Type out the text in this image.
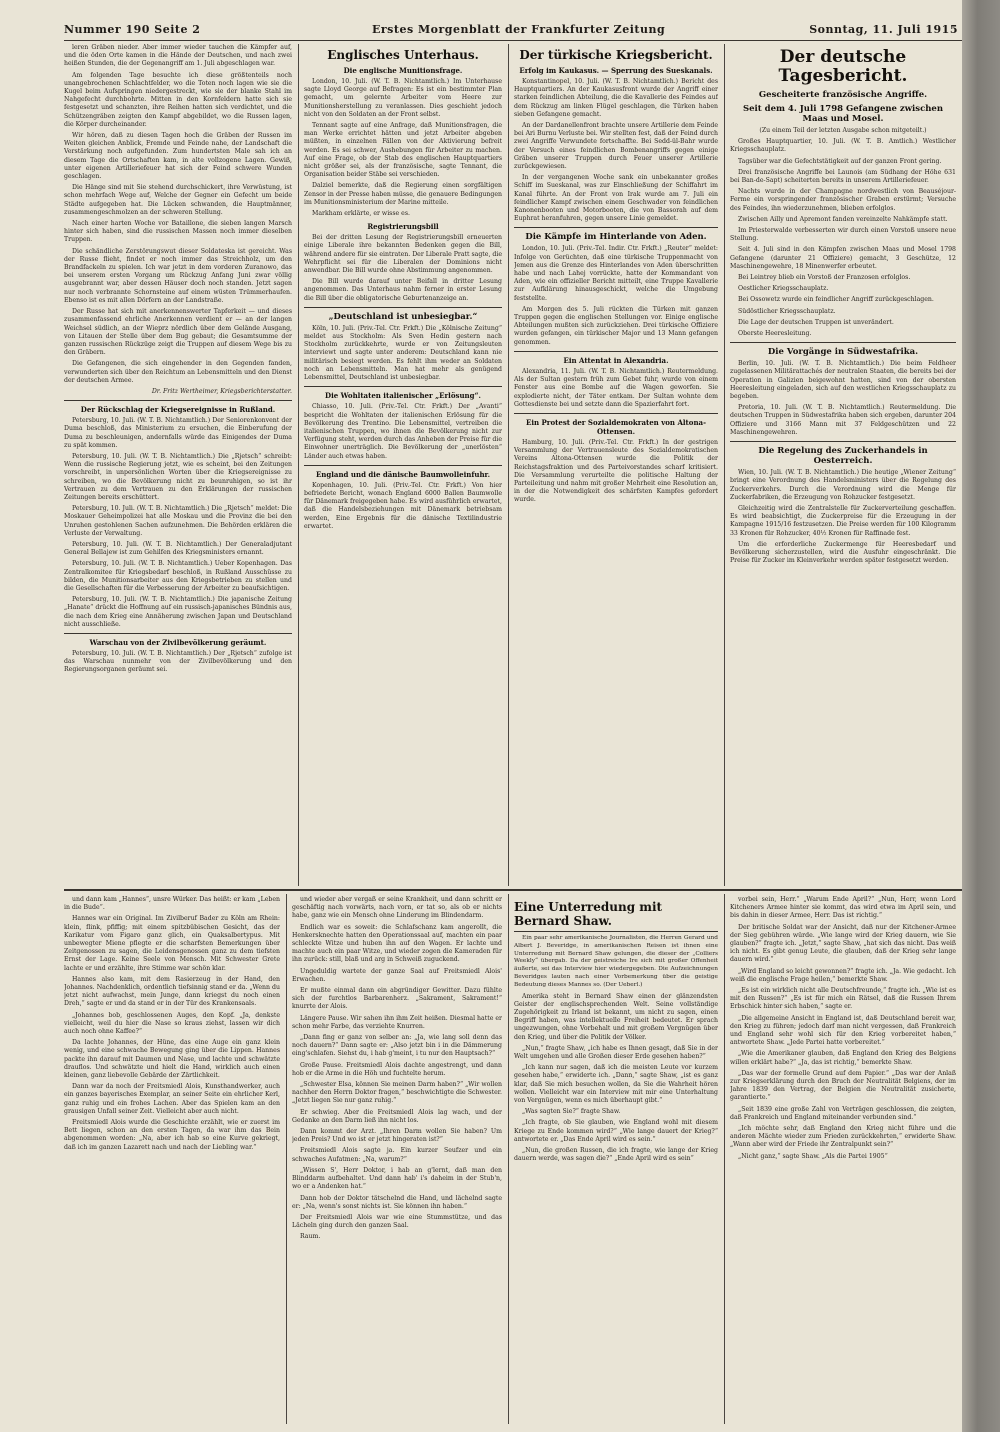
Nummer 190 Seite 2	Erstes Morgenblatt der Frankfurter Zeitung	Sonntag, 11. Juli 1915

leren Gräben nieder. Aber immer wieder tauchen die Kämpfer auf, und die öden Orte kamen in die Hände der Deutschen, und nach zwei heißen Stunden, die der Gegenangriff am 1. Juli abgeschlagen war.

Am folgenden Tage besuchte ich diese größtenteils noch unangebrochenen Schlachtfelder, wo die Toten noch lagen wie sie die Kugel beim Aufspringen niedergestreckt, wie sie der blanke Stahl im Nahgefecht durchbohrte. Mitten in den Kornfeldern hatte sich sie festgesetzt und schanzten, ihre Reihen hatten sich verdichtet, und die Schützengräben zeigten den Kampf abgebildet, wo die Russen lagen, die Körper durcheinander.

Wir hören, daß zu diesen Tagen hoch die Gräben der Russen im Weiten gleichen Anblick, Fremde und Feinde nahe, der Landschaft die Verstärkung noch aufgefunden. Zum hundertsten Male sah ich an diesem Tage die Ortschaften kam, in alte vollzogene Lagen. Gewiß, unter eigenen Artilleriefeuer hat sich der Feind schwere Wunden geschlagen.

Die Hänge sind mit Sie stehend durchschickert, ihre Verwüstung, ist schon mehrfach Wege auf, Welche der Gegner ein Gefecht um beide Städte aufgegeben hat. Die Lücken schwanden, die Hauptmänner, zusammengeschmolzen an der schweren Stellung.

Nach einer harten Woche vor Bataillone, die sieben langen Marsch hinter sich haben, sind die russischen Massen noch immer dieselben Truppen.

Die schändliche Zerstörungswut dieser Soldateska ist gereicht. Was der Russe flieht, findet er noch immer das Streichholz, um den Brandfackeln zu spielen. Ich war jetzt in dem vorderen Zuranowo, das bei unserem ersten Vorgang um Rückzug Anfang Juni zwar völlig ausgebrannt war, aber dessen Häuser doch noch standen. Jetzt sagen nur noch verbrannte Schornsteine auf einem wüsten Trümmerhaufen. Ebenso ist es mit allen Dörfern an der Landstraße.

Der Russe hat sich mit anerkennenswerter Tapferkeit — und dieses zusammenfassend ehrliche Anerkennen verdient er — an der langen Weichsel südlich, an der Wieprz nördlich über dem Gelände Ausgang, von Litauen der Stelle über dem Bug gebaut; die Gesamtsumme der ganzen russischen Rückzüge zeigt die Truppen auf diesem Wege bis zu den Gräbern.

Die Gefangenen, die sich eingehender in den Gegenden fanden, verwunderten sich über den Reichtum an Lebensmitteln und den Dienst der deutschen Armee.

Dr. Fritz Wertheimer, Kriegsberichterstatter.
Der Rückschlag der Kriegsereignisse in Rußland.

Petersburg, 10. Juli. (W. T. B. Nichtamtlich.) Der Seniorenkonvent der Duma beschloß, das Ministerium zu ersuchen, die Einberufung der Duma zu beschleunigen, andernfalls würde das Einigendes der Duma zu spät kommen.

Petersburg, 10. Juli. (W. T. B. Nichtamtlich.) Die „Rjetsch“ schreibt: Wenn die russische Regierung jetzt, wie es scheint, bei den Zeitungen vorschreibt, in unpersönlichen Worten über die Kriegsereignisse zu schreiben, wo die Bevölkerung nicht zu beunruhigen, so ist ihr Vertrauen zu dem Vertrauen zu den Erklärungen der russischen Zeitungen bereits erschüttert.

Petersburg, 10. Juli. (W. T. B. Nichtamtlich.) Die „Rjetsch“ meldet: Die Moskauer Geheimpolizei hat alle Moskau und die Provinz die bei den Unruhen gestohlenen Sachen aufzunehmen. Die Behörden erklären die Verluste der Verwaltung.

Petersburg, 10. Juli. (W. T. B. Nichtamtlich.) Der Generaladjutant General Bellajew ist zum Gehilfen des Kriegsministers ernannt.

Petersburg, 10. Juli. (W. T. B. Nichtamtlich.) Ueber Kopenhagen. Das Zentralkomitee für Kriegsbedarf beschloß, in Rußland Ausschüsse zu bilden, die Munitionsarbeiter aus den Kriegsbetrieben zu stellen und die Gesellschaften für die Verbesserung der Arbeiter zu beaufsichtigen.

Petersburg, 10. Juli. (W. T. B. Nichtamtlich.) Die japanische Zeitung „Hanate“ drückt die Hoffnung auf ein russisch-japanisches Bündnis aus, die nach dem Krieg eine Annäherung zwischen Japan und Deutschland nicht ausschließe.

Warschau von der Zivilbevölkerung geräumt.

Petersburg, 10. Juli. (W. T. B. Nichtamtlich.) Der „Rjetsch“ zufolge ist das Warschau nunmehr von der Zivilbevölkerung und den Regierungsorganen geräumt sei.

Englisches Unterhaus.
Die englische Munitionsfrage.

London, 10. Juli. (W. T. B. Nichtamtlich.) Im Unterhause sagte Lloyd George auf Befragen: Es ist ein bestimmter Plan gemacht, um gelernte Arbeiter vom Heere zur Munitionsherstellung zu veranlassen. Dies geschieht jedoch nicht von den Soldaten an der Front selbst.

Tennant sagte auf eine Anfrage, daß Munitionsfragen, die man Werke errichtet hätten und jetzt Arbeiter abgeben müßten, in einzelnen Fällen von der Aktivierung befreit werden. Es sei schwer, Aushebungen für Arbeiter zu machen. Auf eine Frage, ob der Stab des englischen Hauptquartiers nicht größer sei, als der französische, sagte Tennant, die Organisation beider Stäbe sei verschieden.

Dalziel bemerkte, daß die Regierung einen sorgfältigen Zensor in der Presse haben müsse, die genauere Bedingungen im Munitionsministerium der Marine mitteile.

Markham erklärte, er wisse es.

Registrierungsbill

Bei der dritten Lesung der Registrierungsbill erneuerten einige Liberale ihre bekannten Bedenken gegen die Bill, während andere für sie eintraten. Der Liberale Pratt sagte, die Wehrpflicht sei für die Liberalen der Dominions nicht anwendbar. Die Bill wurde ohne Abstimmung angenommen.

Die Bill wurde darauf unter Beifall in dritter Lesung angenommen. Das Unterhaus nahm ferner in erster Lesung die Bill über die obligatorische Geburtenanzeige an.

„Deutschland ist unbesiegbar.“

Köln, 10. Juli. (Priv.-Tel. Ctr. Frkft.) Die „Kölnische Zeitung“ meldet aus Stockholm: Als Sven Hedin gestern nach Stockholm zurückkehrte, wurde er von Zeitungsleuten interviewt und sagte unter anderem: Deutschland kann nie militärisch besiegt werden. Es fehlt ihm weder an Soldaten noch an Lebensmitteln. Man hat mehr als genügend Lebensmittel, Deutschland ist unbesiegbar.

Die Wohltaten italienischer „Erlösung“.

Chiasso, 10. Juli. (Priv.-Tel. Ctr. Frkft.) Der „Avanti“ bespricht die Wohltaten der italienischen Erlösung für die Bevölkerung des Trentino. Die Lebensmittel, vertreiben die italienischen Truppen, wo ihnen die Bevölkerung nicht zur Verfügung steht, werden durch das Anheben der Preise für die Einwohner unerträglich. Die Bevölkerung der „unerlösten“ Länder auch etwas haben.

England und die dänische Baumwolleinfuhr.

Kopenhagen, 10. Juli. (Priv.-Tel. Ctr. Frkft.) Von hier befriedete Bericht, wonach England 6000 Ballen Baumwolle für Dänemark freigegeben habe. Es wird ausführlich erwartet, daß die Handelsbeziehungen mit Dänemark betriebsam werden, Eine Ergebnis für die dänische Textilindustrie erwartet.

Der türkische Kriegsbericht.
Erfolg im Kaukasus. — Sperrung des Sueskanals.

Konstantinopel, 10. Juli. (W. T. B. Nichtamtlich.) Bericht des Hauptquartiers. An der Kaukasusfront wurde der Angriff einer starken feindlichen Abteilung, die die Kavallerie des Feindes auf dem Rückzug am linken Flügel geschlagen, die Türken haben sieben Gefangene gemacht.

An der Dardanellenfront brachte unsere Artillerie dem Feinde bei Ari Burnu Verluste bei. Wir stellten fest, daß der Feind durch zwei Angriffe Verwundete fortschaffte. Bei Sedd-ül-Bahr wurde der Versuch eines feindlichen Bombenangriffs gegen einige Gräben unserer Truppen durch Feuer unserer Artillerie zurückgewiesen.

In der vergangenen Woche sank ein unbekannter großes Schiff im Sueskanal, was zur Einschließung der Schiffahrt im Kanal führte. An der Front von Irak wurde am 7. Juli ein feindlicher Kampf zwischen einem Geschwader von feindlichen Kanonenbooten und Motorbooten, die von Bassorah auf dem Euphrat heranfuhren, gegen unsere Linie gemeldet.

Die Kämpfe im Hinterlande von Aden.

London, 10. Juli. (Priv.-Tel. Indir. Ctr. Frkft.) „Reuter“ meldet: Infolge von Gerüchten, daß eine türkische Truppenmacht von Jemen aus die Grenze des Hinterlandes von Aden überschritten habe und nach Lahej vorrückte, hatte der Kommandant von Aden, wie ein offizieller Bericht mitteilt, eine Truppe Kavallerie zur Aufklärung hinausgeschickt, welche die Umgebung feststellte.

Am Morgen des 5. Juli rückten die Türken mit ganzen Truppen gegen die englischen Stellungen vor. Einige englische Abteilungen mußten sich zurückziehen. Drei türkische Offiziere wurden gefangen, ein türkischer Major und 13 Mann gefangen genommen.

Ein Attentat in Alexandria.

Alexandria, 11. Juli. (W. T. B. Nichtamtlich.) Reutermeldung. Als der Sultan gestern früh zum Gebet fuhr, wurde von einem Fenster aus eine Bombe auf die Wagen geworfen. Sie explodierte nicht, der Täter entkam. Der Sultan wohnte dem Gottesdienste bei und setzte dann die Spazierfahrt fort.

Ein Protest der Sozialdemokraten von Altona-Ottensen.

Hamburg, 10. Juli. (Priv.-Tel. Ctr. Frkft.) In der gestrigen Versammlung der Vertrauensleute des Sozialdemokratischen Vereins Altona-Ottensen wurde die Politik der Reichstagsfraktion und des Parteivorstandes scharf kritisiert. Die Versammlung verurteilte die politische Haltung der Parteileitung und nahm mit großer Mehrheit eine Resolution an, in der die Notwendigkeit des schärfsten Kampfes gefordert wurde.

Der deutsche Tagesbericht.
Gescheiterte französische Angriffe.
Seit dem 4. Juli 1798 Gefangene zwischen Maas und Mosel.
(Zu einem Teil der letzten Ausgabe schon mitgeteilt.)

Großes Hauptquartier, 10. Juli. (W. T. B. Amtlich.) Westlicher Kriegsschauplatz.

Tagsüber war die Gefechtstätigkeit auf der ganzen Front gering.

Drei französische Angriffe bei Launois (am Südhang der Höhe 631 bei Ban-de-Sapt) scheiterten bereits in unserem Artilleriefeuer.

Nachts wurde in der Champagne nordwestlich von Beauséjour-Ferme ein vorspringender französischer Graben erstürmt; Versuche des Feindes, ihn wiederzunehmen, blieben erfolglos.

Zwischen Ailly und Apremont fanden vereinzelte Nahkämpfe statt.

Im Priesterwalde verbesserten wir durch einen Vorstoß unsere neue Stellung.

Seit 4. Juli sind in den Kämpfen zwischen Maas und Mosel 1798 Gefangene (darunter 21 Offiziere) gemacht, 3 Geschütze, 12 Maschinengewehre, 18 Minenwerfer erbeutet.

Bei Leintrey blieb ein Vorstoß der Franzosen erfolglos.

Oestlicher Kriegsschauplatz.

Bei Ossowetz wurde ein feindlicher Angriff zurückgeschlagen.

Südöstlicher Kriegsschauplatz.

Die Lage der deutschen Truppen ist unverändert.

Oberste Heeresleitung.

Die Vorgänge in Südwestafrika.

Berlin, 10. Juli. (W. T. B. Nichtamtlich.) Die beim Feldheer zugelassenen Militärattachés der neutralen Staaten, die bereits bei der Operation in Galizien beigewohnt hatten, sind von der obersten Heeresleitung eingeladen, sich auf den westlichen Kriegsschauplatz zu begeben.

Pretoria, 10. Juli. (W. T. B. Nichtamtlich.) Reutermeldung. Die deutschen Truppen in Südwestafrika haben sich ergeben, darunter 204 Offiziere und 3166 Mann mit 37 Feldgeschützen und 22 Maschinengewehren.

Die Regelung des Zuckerhandels in Oesterreich.

Wien, 10. Juli. (W. T. B. Nichtamtlich.) Die heutige „Wiener Zeitung“ bringt eine Verordnung des Handelsministers über die Regelung des Zuckerverkehrs. Durch die Verordnung wird die Menge für Zuckerfabriken, die Erzeugung von Rohzucker festgesetzt.

Gleichzeitig wird die Zentralstelle für Zuckerverteilung geschaffen. Es wird beabsichtigt, die Zuckerpreise für die Erzeugung in der Kampagne 1915/16 festzusetzen. Die Preise werden für 100 Kilogramm 33 Kronen für Rohzucker, 40½ Kronen für Raffinade fest.

Um die erforderliche Zuckermenge für Heeresbedarf und Bevölkerung sicherzustellen, wird die Ausfuhr eingeschränkt. Die Preise für Zucker im Kleinverkehr werden später festgesetzt werden.

und dann kam „Hannes“, unsre Würker. Das heißt: er kam „Leben in die Bude“.

Hannes war ein Original. Im Zivilberuf Bader zu Köln am Rhein: klein, flink, pfiffig; mit einem spitzbübischen Gesicht, das der Karikatur vom Figaro ganz glich, ein Quaksalbertypus. Mit unbewegter Miene pflegte er die scharfsten Bemerkungen über Zeitgenossen zu sagen, die Leidensgenossen ganz zu dem tiefsten Ernst der Lage. Keine Seele von Mensch. Mit Schwester Grete lachte er und erzählte, ihre Stimme war schön klar.

Hannes also kam, mit dem Rasierzeug in der Hand, den Johannes. Nachdenklich, ordentlich tiefsinnig stand er da. „Wenn du jetzt nicht aufwachst, mein Junge, dann kriegst du noch einen Dreh,“ sagte er und da stand er in der Tür des Krankensaals.

„Johannes bob, geschlossenen Auges, den Kopf. „Ja, denkste vielleicht, weil du hier die Nase so kraus ziehst, lassen wir dich auch noch ohne Kaffee?“

Da lachte Johannes, der Hüne, das eine Auge ein ganz klein wenig, und eine schwache Bewegung ging über die Lippen. Hannes packte ihn darauf mit Daumen und Nase, und lachte und schwätzte drauflos. Und schwätzte und hielt die Hand, wirklich auch einen kleinen, ganz liebevolle Gebärde der Zärtlichkeit.

Dann war da noch der Freitsmiedl Alois, Kunsthandwerker, auch ein ganzes bayerisches Exemplar, an seiner Seite ein ehrlicher Kerl, ganz ruhig und ein frohes Lachen. Aber das Spielen kam an den grausigen Unfall seiner Zeit. Vielleicht aber auch nicht.

Freitsmiedl Alois wurde die Geschichte erzählt, wie er zuerst im Bett liegen, schon an den ersten Tagen, da war ihm das Bein abgenommen worden: „Na, aber ich hab so eine Kurve gekriegt, daß ich im ganzen Lazarett nach und nach der Liebling war.“

und wieder aber vergaß er seine Krankheit, und dann schritt er geschäftig nach vorwärts, nach vorn, er tat so, als ob er nichts habe, ganz wie ein Mensch ohne Linderung im Blindendarm.

Endlich war es soweit: die Schlafschanz kam angerollt, die Henkersknechte hatten den Operationssaal auf, machten ein paar schleckte Witze und huben ihn auf den Wagen. Er lachte und machte auch ein paar Witze, und wieder zogen die Kameraden für ihn zurück: still, blaß und arg in Schweiß zuguckend.

Ungeduldig wartete der ganze Saal auf Freitsmiedl Alois' Erwachen.

Er mußte einmal dann ein abgründiger Gewitter. Dazu fühlte sich der furchtlos Barbarenherz. „Sakrament, Sakrament!“ knurrte der Alois.

Längere Pause. Wir sahen ihn ihm Zeit heißen. Diesmal hatte er schon mehr Farbe, das verziehte Knurren.

„Dann fing er ganz von selber an: „Ja, wie lang soll denn das noch dauern?“ Dann sagte er: „Also jetzt bin i in die Dämmerung eing'schlafen. Siehst du, i hab g'meint, i tu nur den Hauptsach?“

Große Pause. Freitsmiedl Alois dachte angestrengt, und dann hob er die Arme in die Höh und fuchtelte herum.

„Schwester Elsa, können Sie meinen Darm haben?“ „Wir wollen nachher den Herrn Doktor fragen,“ beschwichtigte die Schwester. „Jetzt liegen Sie nur ganz ruhig.“

Er schwieg. Aber die Freitsmiedl Alois lag wach, und der Gedanke an den Darm ließ ihn nicht los.

Dann kommt der Arzt. „Ihren Darm wollen Sie haben? Um jeden Preis? Und wo ist er jetzt hingeraten ist?“

Freitsmiedl Alois sagte ja. Ein kurzer Seufzer und ein schwaches Aufatmen: „Na, warum?“

„Wissen S', Herr Doktor, i hab an g'lernt, daß man den Blinddarm aufbehaltet. Und dann hab' i's daheim in der Stub'n, wo er a Andenken hat.“

Dann hob der Doktor tätschelnd die Hand, und lächelnd sagte er: „Na, wenn's sonst nichts ist. Sie können ihn haben.“

Der Freitsmiedl Alois war wie eine Stummstütze, und das Lächeln ging durch den ganzen Saal.

Raum.

Eine Unterredung mit Bernard Shaw.

Ein paar sehr amerikanische Journalisten, die Herren Gerard und Albert J. Beveridge, in amerikanischen Reisen ist ihnen eine Unterredung mit Bernard Shaw gelungen, die dieser der „Colliers Weekly“ übergab. Da der geistreiche Ire sich mit großer Offenheit äußerte, sei das Interview hier wiedergegeben. Die Aufzeichnungen Beveridges lauten nach einer Vorbemerkung über die geistige Bedeutung dieses Mannes so. (Der Ueberl.)

Amerika steht in Bernard Shaw einen der glänzendsten Geister der englischsprechenden Welt. Seine vollständige Zugehörigkeit zu Irland ist bekannt, um nicht zu sagen, einen Begriff haben, was intellektuelle Freiheit bedeutet. Er sprach ungezwungen, ohne Vorbehalt und mit großem Vergnügen über den Krieg, und über die Politik der Völker.

„Nun,“ fragte Shaw, „ich habe es Ihnen gesagt, daß Sie in der Welt umgehen und alle Großen dieser Erde gesehen haben?“

„Ich kann nur sagen, daß ich die meisten Leute vor kurzem gesehen habe,“ erwiderte ich. „Dann,“ sagte Shaw, „ist es ganz klar, daß Sie mich besuchen wollen, da Sie die Wahrheit hören wollen. Vielleicht war ein Interview mit mir eine Unterhaltung von Vergnügen, wenn es mich überhaupt gibt.“

„Was sagten Sie?“ fragte Shaw.

„Ich fragte, ob Sie glauben, wie England wohl mit diesem Kriege zu Ende kommen wird?“ „Wie lange dauert der Krieg?“ antwortete er. „Das Ende April wird es sein.“

„Nun, die großen Russen, die ich fragte, wie lange der Krieg dauern werde, was sagen die?“ „Ende April wird es sein“

vorbei sein, Herr.“ „Warum Ende April?“ „Nun, Herr, wenn Lord Kitcheners Armee hinter sie kommt, das wird etwa im April sein, und bis dahin in dieser Armee, Herr. Das ist richtig.“

Der britische Soldat war der Ansicht, daß nur der Kitchener-Armee der Sieg gebühren würde. „Wie lange wird der Krieg dauern, wie Sie glauben?“ fragte ich. „Jetzt,“ sagte Shaw, „hat sich das nicht. Das weiß ich nicht. Es gibt genug Leute, die glauben, daß der Krieg sehr lange dauern wird.“

„Wird England so leicht gewonnen?“ fragte ich. „Ja. Wie gedacht. Ich weiß die englische Frage heilen,“ bemerkte Shaw.

„Es ist ein wirklich nicht alle Deutschfreunde,“ fragte ich. „Wie ist es mit den Russen?“ „Es ist für mich ein Rätsel, daß die Russen Ihrem Erbschick hinter sich haben,“ sagte er.

„Die allgemeine Ansicht in England ist, daß Deutschland bereit war, den Krieg zu führen; jedoch darf man nicht vergessen, daß Frankreich und England sehr wohl sich für den Krieg vorbereitet haben,“ antwortete Shaw. „Jede Partei hatte vorbereitet.“

„Wie die Amerikaner glauben, daß England den Krieg des Belgiens willen erklärt habe?“ „Ja, das ist richtig,“ bemerkte Shaw.

„Das war der formelle Grund auf dem Papier.“ „Das war der Anlaß zur Kriegserklärung durch den Bruch der Neutralität Belgiens, der im Jahre 1839 den Vertrag, der Belgien die Neutralität zusicherte, garantierte.“

„Seit 1839 eine große Zahl von Verträgen geschlossen, die zeigten, daß Frankreich und England miteinander verbunden sind.“

„Ich möchte sehr, daß England den Krieg nicht führe und die anderen Mächte wieder zum Frieden zurückkehrten,“ erwiderte Shaw. „Wann aber wird der Friede ihr Zentralpunkt sein?“

„Nicht ganz,“ sagte Shaw. „Als die Partei 1905“
